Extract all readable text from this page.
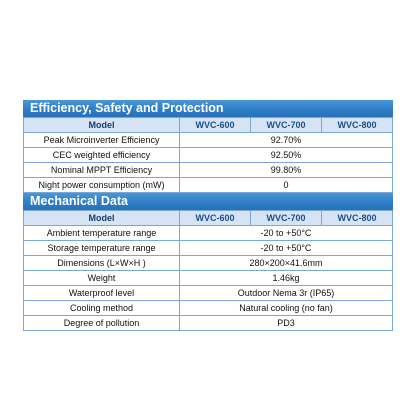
Efficiency, Safety and Protection
Model	WVC-600	WVC-700	WVC-800
Peak Microinverter Efficiency	92.70%		
CEC weighted efficiency	92.50%		
Nominal MPPT Efficiency	99.80%		
Night power consumption (mW)	0		
Mechanical Data
Model	WVC-600	WVC-700	WVC-800
Ambient temperature range	-20 to +50°C		
Storage temperature range	-20 to +50°C		
Dimensions (L×W×H )	280×200×41.6mm		
Weight	1.46kg		
Waterproof level	Outdoor Nema 3r (IP65)		
Cooling method	Natural cooling (no fan)		
Degree of pollution	PD3		
